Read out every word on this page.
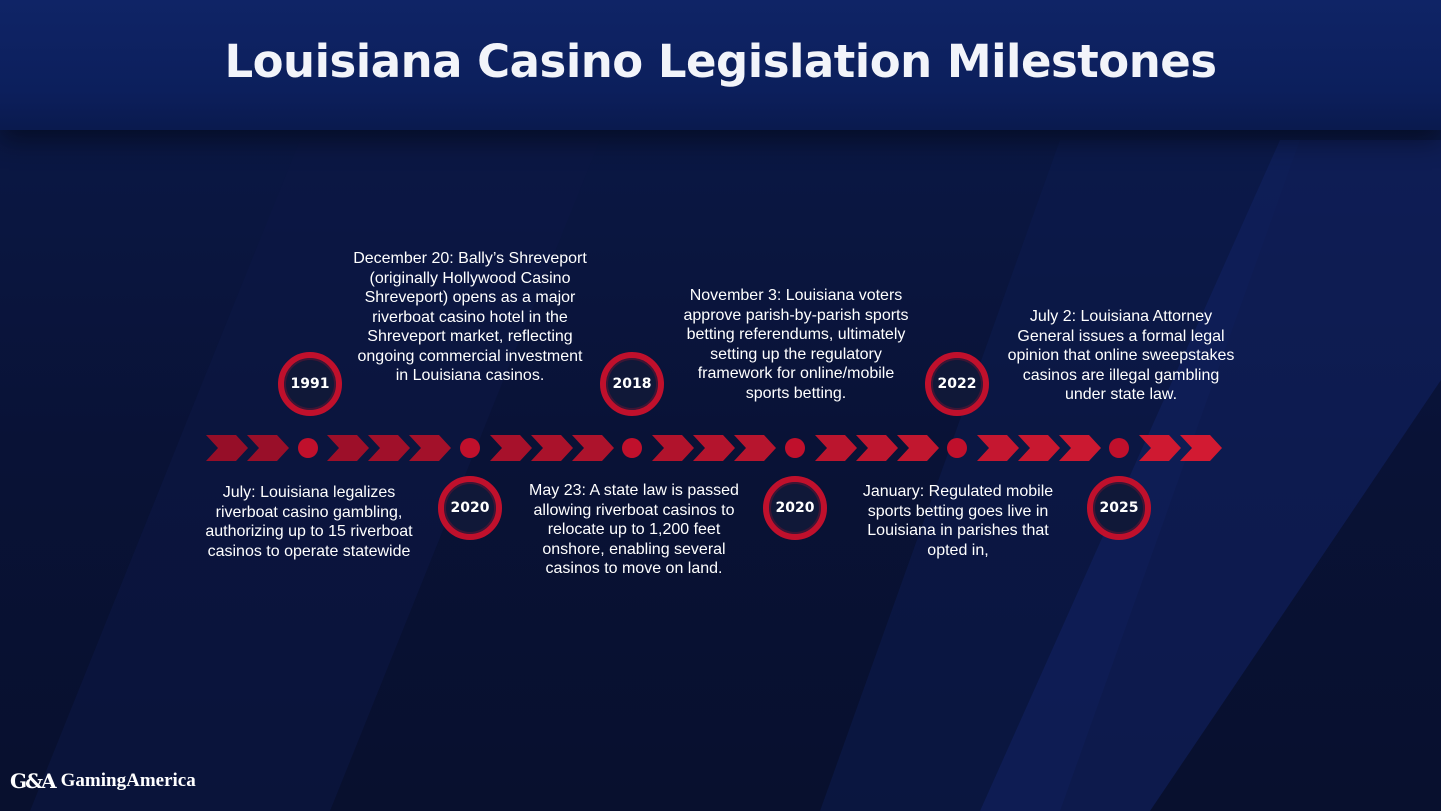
Louisiana Casino Legislation Milestones
1991
2020
2018
2020
2022
2025

July: Louisiana legalizes riverboat casino gambling, authorizing up to 15 riverboat casinos to operate statewide

December 20: Bally’s Shreveport (originally Hollywood Casino Shreveport) opens as a major riverboat casino hotel in the Shreveport market, reflecting ongoing commercial investment in Louisiana casinos.

May 23: A state law is passed allowing riverboat casinos to relocate up to 1,200 feet onshore, enabling several casinos to move on land.

November 3: Louisiana voters approve parish-by-parish sports betting referendums, ultimately setting up the regulatory framework for online/mobile sports betting.

January: Regulated mobile sports betting goes live in Louisiana in parishes that opted in,

July 2: Louisiana Attorney General issues a formal legal opinion that online sweepstakes casinos are illegal gambling under state law.

G&A GamingAmerica
